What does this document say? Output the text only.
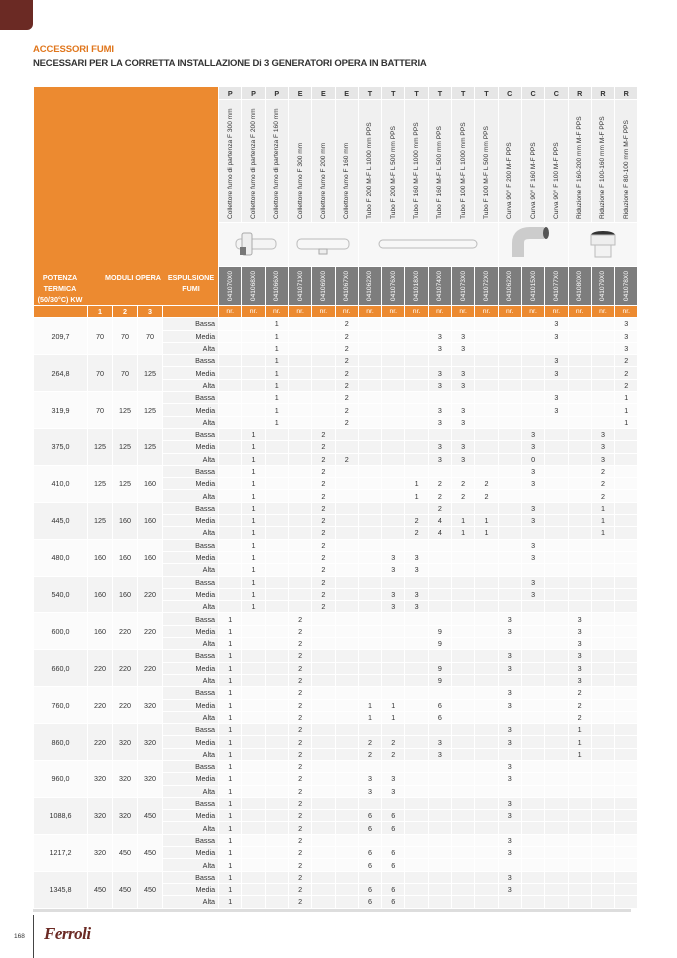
ACCESSORI FUMI
NECESSARI PER LA CORRETTA INSTALLAZIONE Di 3 GENERATORI OPERA IN BATTERIA
					P	P	P	E	E	E	T	T	T	T	T	T	C	C	C	R	R	R

					Collettore fumo di partenza F 300 mm	Collettore fumo di partenza F 200 mm	Collettore fumo di partenza F 160 mm	Collettore fumo F 300 mm	Collettore fumo F 200 mm	Collettore fumo F 160 mm	Tubo F 200 M-F L 1000 mm PPS	Tubo F 200 M-F L 500 mm PPS	Tubo F 160 M-F L 1000 mm PPS	Tubo F 160 M-F L 500 mm PPS	Tubo F 100 M-F L 1000 mm PPS	Tubo F 100 M-F L 500 mm PPS	Curva 90° F 200 M-F PPS	Curva 90° F 160 M-F PPS	Curva 90° F 100 M-F PPS	Riduzione F 160-200 mm M-F PPS	Riduzione F 100-160 mm M-F PPS	Riduzione F 80-100 mm M-F PPS

					041070X0	041068X0	041066X0	041071X0	041069X0	041067X0	041062X0	041076X0	041018X0	041074X0	041073X0	041072X0	041062X0	041015X0	041077X0	041080X0	041079X0	041078X0

	1	2	3		nr.	nr.	nr.	nr.	nr.	nr.	nr.	nr.	nr.	nr.	nr.	nr.	nr.	nr.	nr.	nr.	nr.	nr.
209,7	70	70	70	Bassa			1			2									3			3
				Media			1			2				3	3				3			3
				Alta			1			2				3	3							3
264,8	70	70	125	Bassa			1			2									3			2
				Media			1			2				3	3				3			2
				Alta			1			2				3	3							2
319,9	70	125	125	Bassa			1			2									3			1
				Media			1			2				3	3				3			1
				Alta			1			2				3	3							1
375,0	125	125	125	Bassa		1			2									3			3	
				Media		1			2					3	3			3			3	
				Alta		1			2	2				3	3			0			3	
410,0	125	125	160	Bassa		1			2									3			2	
				Media		1			2				1	2	2	2		3			2	
				Alta		1			2				1	2	2	2					2	
445,0	125	160	160	Bassa		1			2					2				3			1	
				Media		1			2				2	4	1	1		3			1	
				Alta		1			2				2	4	1	1					1	
480,0	160	160	160	Bassa		1			2									3				
				Media		1			2			3	3					3				
				Alta		1			2			3	3									
540,0	160	160	220	Bassa		1			2									3				
				Media		1			2			3	3					3				
				Alta		1			2			3	3									
600,0	160	220	220	Bassa	1			2									3			3		
				Media	1			2						9			3			3		
				Alta	1			2						9						3		
660,0	220	220	220	Bassa	1			2									3			3		
				Media	1			2						9			3			3		
				Alta	1			2						9						3		
760,0	220	220	320	Bassa	1			2									3			2		
				Media	1			2			1	1		6			3			2		
				Alta	1			2			1	1		6						2		
860,0	220	320	320	Bassa	1			2									3			1		
				Media	1			2			2	2		3			3			1		
				Alta	1			2			2	2		3						1		
960,0	320	320	320	Bassa	1			2									3					
				Media	1			2			3	3					3					
				Alta	1			2			3	3										
1088,6	320	320	450	Bassa	1			2									3					
				Media	1			2			6	6					3					
				Alta	1			2			6	6										
1217,2	320	450	450	Bassa	1			2									3					
				Media	1			2			6	6					3					
				Alta	1			2			6	6										
1345,8	450	450	450	Bassa	1			2									3					
				Media	1			2			6	6					3					
				Alta	1			2			6	6										
POTENZA TERMICA (50/30°C) KW
MODULI OPERA ESPULSIONE FUMI
168 Ferroli
